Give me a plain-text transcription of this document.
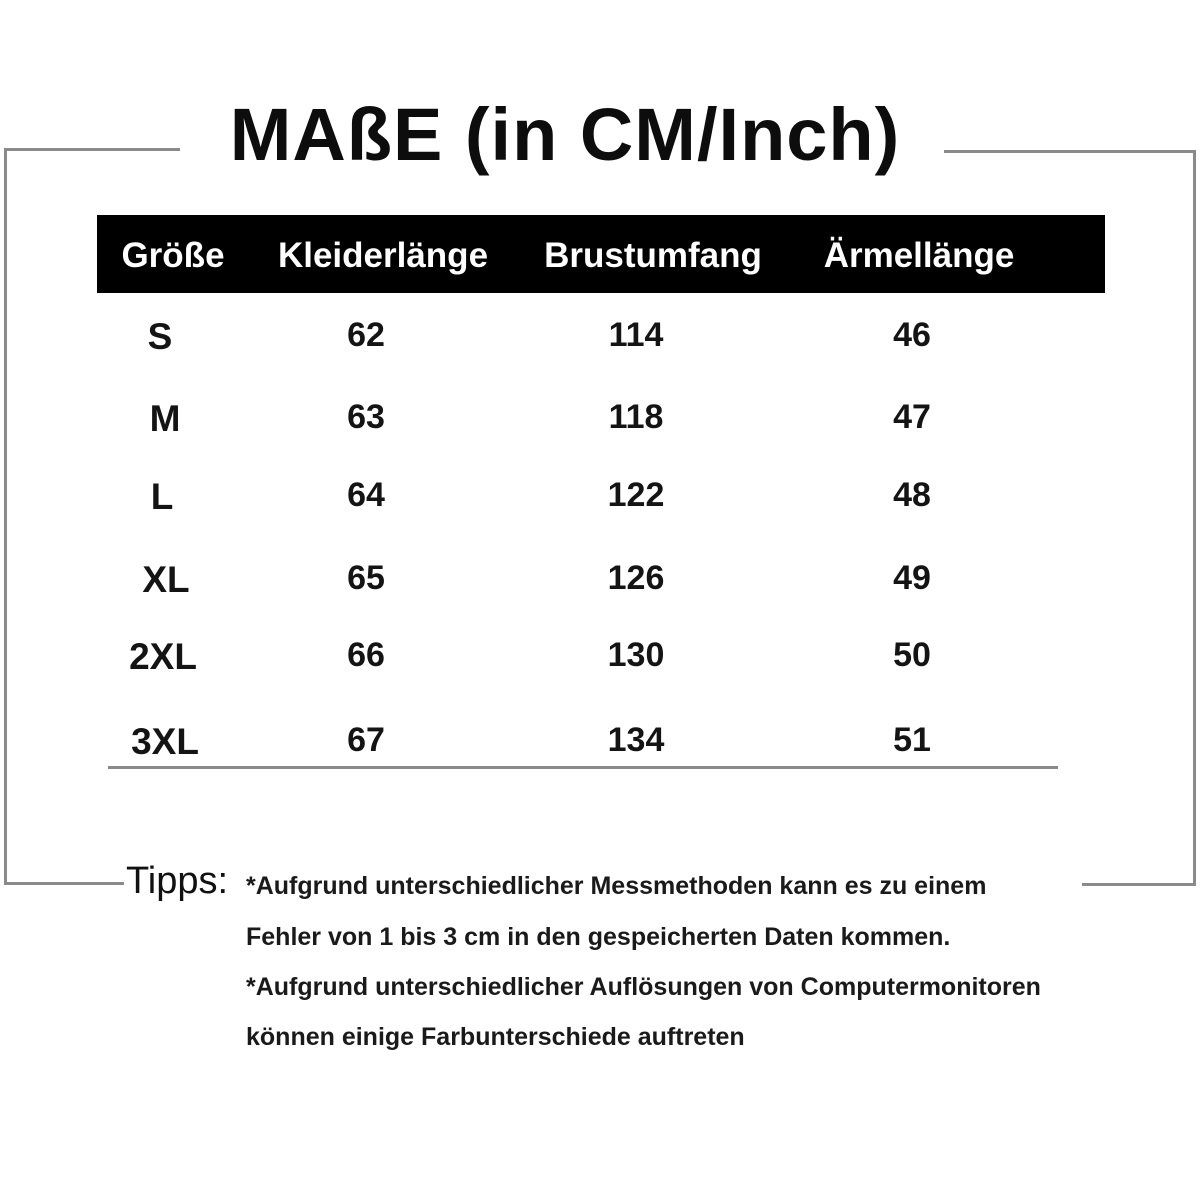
MAßE (in CM/Inch)
Größe Kleiderlänge Brustumfang Ärmellänge
S	62	114	46
M	63	118	47
L	64	122	48
XL	65	126	49
2XL	66	130	50
3XL	67	134	51
Tipps: *Aufgrund unterschiedlicher Messmethoden kann es zu einem
Fehler von 1 bis 3 cm in den gespeicherten Daten kommen.
*Aufgrund unterschiedlicher Auflösungen von Computermonitoren
können einige Farbunterschiede auftreten
